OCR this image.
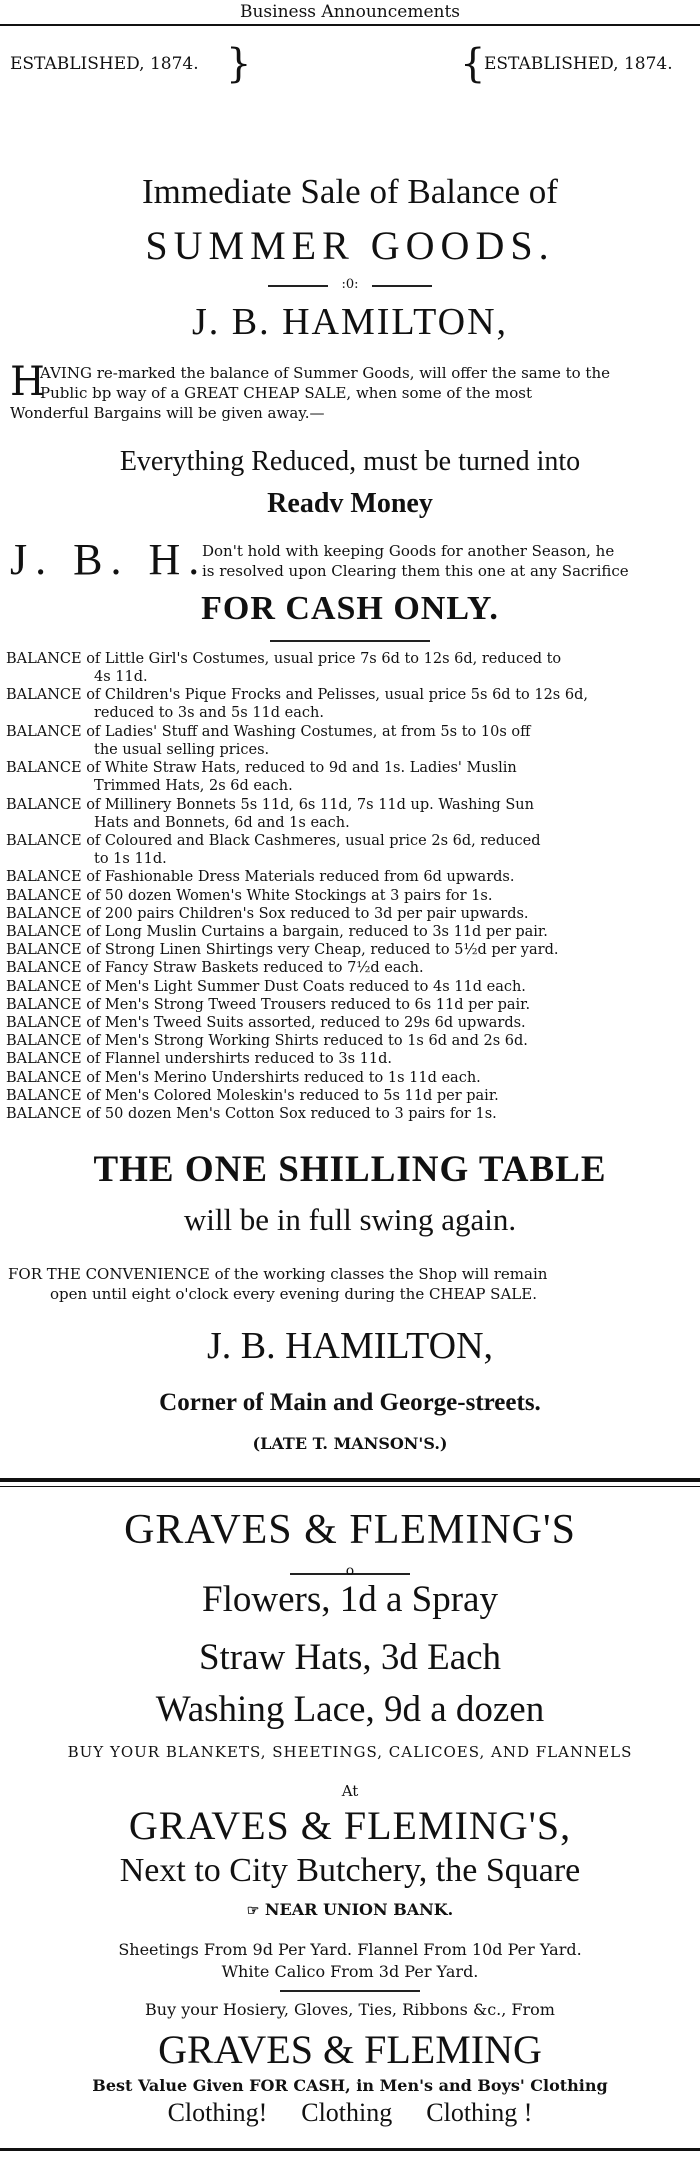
Business Announcements
ESTABLISHED, 1874. }	{
ESTABLISHED, 1874.
Immediate Sale of Balance of
SUMMER GOODS.
:0:
J. B. HAMILTON,
H
AVING re-marked the balance of Summer Goods, will offer the same to the
Public bp way of a GREAT CHEAP SALE, when some of the most
Wonderful Bargains will be given away.—
Everything Reduced, must be turned into
Readv Money
J. B. H.
Don't hold with keeping Goods for another Season, he
is resolved upon Clearing them this one at any Sacrifice
FOR CASH ONLY.
BALANCE of Little Girl's Costumes, usual price 7s 6d to 12s 6d, reduced to
4s 11d.
BALANCE of Children's Pique Frocks and Pelisses, usual price 5s 6d to 12s 6d,
reduced to 3s and 5s 11d each.
BALANCE of Ladies' Stuff and Washing Costumes, at from 5s to 10s off
the usual selling prices.
BALANCE of White Straw Hats, reduced to 9d and 1s. Ladies' Muslin
Trimmed Hats, 2s 6d each.
BALANCE of Millinery Bonnets 5s 11d, 6s 11d, 7s 11d up. Washing Sun
Hats and Bonnets, 6d and 1s each.
BALANCE of Coloured and Black Cashmeres, usual price 2s 6d, reduced
to 1s 11d.
BALANCE of Fashionable Dress Materials reduced from 6d upwards.
BALANCE of 50 dozen Women's White Stockings at 3 pairs for 1s.
BALANCE of 200 pairs Children's Sox reduced to 3d per pair upwards.
BALANCE of Long Muslin Curtains a bargain, reduced to 3s 11d per pair.
BALANCE of Strong Linen Shirtings very Cheap, reduced to 5½d per yard.
BALANCE of Fancy Straw Baskets reduced to 7½d each.
BALANCE of Men's Light Summer Dust Coats reduced to 4s 11d each.
BALANCE of Men's Strong Tweed Trousers reduced to 6s 11d per pair.
BALANCE of Men's Tweed Suits assorted, reduced to 29s 6d upwards.
BALANCE of Men's Strong Working Shirts reduced to 1s 6d and 2s 6d.
BALANCE of Flannel undershirts reduced to 3s 11d.
BALANCE of Men's Merino Undershirts reduced to 1s 11d each.
BALANCE of Men's Colored Moleskin's reduced to 5s 11d per pair.
BALANCE of 50 dozen Men's Cotton Sox reduced to 3 pairs for 1s.
THE ONE SHILLING TABLE
will be in full swing again.
FOR THE CONVENIENCE of the working classes the Shop will remain
open until eight o'clock every evening during the CHEAP SALE.
J. B. HAMILTON,
Corner of Main and George-streets.
(LATE T. MANSON'S.)
GRAVES & FLEMING'S
o
Flowers, 1d a Spray
Straw Hats, 3d Each
Washing Lace, 9d a dozen
BUY YOUR BLANKETS, SHEETINGS, CALICOES, AND FLANNELS
At
GRAVES & FLEMING'S,
Next to City Butchery, the Square
☞ NEAR UNION BANK.
Sheetings From 9d Per Yard. Flannel From 10d Per Yard.
White Calico From 3d Per Yard.
Buy your Hosiery, Gloves, Ties, Ribbons &c., From
GRAVES & FLEMING
Best Value Given FOR CASH, in Men's and Boys' Clothing
Clothing! Clothing Clothing !
